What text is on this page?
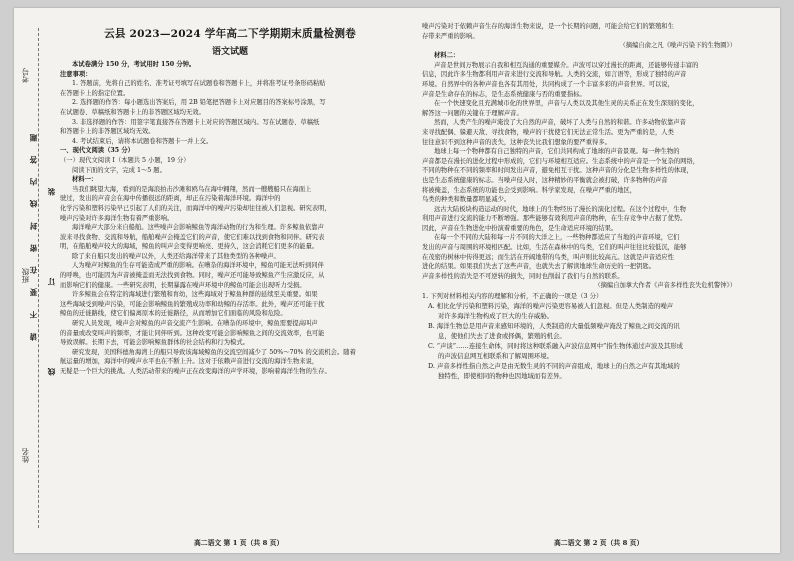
考号
班级
姓名
请 不 要 在 密 封 线 内 答 题 线 订 装
云县 2023—2024 学年高二下学期期末质量检测卷
语文试题
本试卷满分 150 分，考试用时 150 分钟。
注意事项：
1. 答题前，先将自己的姓名、准考证号填写在试题卷和答题卡上，并将准考证号条形码粘贴
在答题卡上的指定位置。
2. 选择题的作答：每小题选出答案后，用 2B 铅笔把答题卡上对应题目的答案标号涂黑，写
在试题卷、草稿纸和答题卡上的非答题区域均无效。
3. 非选择题的作答：用签字笔直接答在答题卡上对应的答题区域内。写在试题卷、草稿纸
和答题卡上的非答题区域均无效。
4. 考试结束后，请将本试题卷和答题卡一并上交。
一、现代文阅读（35 分）
（一）现代文阅读 Ⅰ（本题共 5 小题，19 分）
阅读下面的文字，完成 1～5 题。
材料一：
当我们眺望大海，看到的是海浪拍击沙滩和鸥鸟在海中翱翔，然而一艘艘船只在海面上
驶过，发出的声音会在海中传播很远的距离，却正在污染着海洋环境。海洋中的
化学污染和塑料污染早已引起了人们的关注，而海洋中的噪声污染却往往被人们忽视。研究表明，
噪声污染对许多海洋生物有着严重影响。
海洋噪声大部分来自船舶。这些噪声会影响鲸鱼等海洋动物的行为和生理。许多鲸鱼依靠声
波来寻找食物、交流和导航，船舶噪声会掩盖它们的声音，使它们难以找到食物和同伴。研究表
明，在船舶噪声较大的海域，鲸鱼的叫声会变得更响亮、更持久，这会消耗它们更多的能量。
除了来自船只发出的噪声以外，人类还给海洋带来了其他类型的各种噪声。
人为噪声对鲸鱼的生存可能造成严重的影响。在嘈杂的海洋环境中，鲸鱼可能无法听到同伴
的呼唤，也可能因为声音被掩盖而无法找到食物。同时，噪声还可能导致鲸鱼产生应激反应，从
而影响它们的健康。一些研究表明，长期暴露在噪声环境中的鲸鱼可能会出现听力受损。
许多鲸鱼会在特定的海域进行繁殖和育幼，这些海域对于鲸鱼种群的延续至关重要。如果
这些海域受到噪声污染，可能会影响鲸鱼的繁殖成功率和幼鲸的存活率。此外，噪声还可能干扰
鲸鱼的迁徙路线，使它们偏离原本的迁徙路径，从而增加它们面临的风险和危险。
研究人员发现，噪声会对鲸鱼的声音交流产生影响。在嘈杂的环境中，鲸鱼需要提高叫声
的音量或改变叫声的频率，才能让同伴听到。这种改变可能会影响鲸鱼之间的交流效率，也可能
导致误解。长期下去，可能会影响鲸鱼群体的社会结构和行为模式。
研究发现，美国科德角海湾上的船只导致该海域鲸鱼的交流空间减少了 50%～70% 的交流机会。随着
航运量的增加，海洋中的噪声水平也在不断上升。这对于依赖声音进行交流的海洋生物来说，
无疑是一个巨大的挑战。人类活动带来的噪声正在改变海洋的声学环境，影响着海洋生物的生存。
噪声污染对于依赖声音生存的海洋生物来说，是一个长期的问题，可能会给它们的繁殖和生
存带来严重的影响。
（摘编自俞之凡《噪声污染下的生物圈》）
材料二：
声音是世间万物展示自我和相互沟通的重要媒介。声波可以穿过漫长的距离，还能够传递丰富的
信息，因此许多生物都利用声音来进行交流和导航。人类的交流，如言语等，形成了独特的声音
环境。自然界中的各种声音也各有其用处，共同构成了一个丰富多彩的声音世界。可以说，
声音是生命存在的标志，是生态系统健康与否的重要指标。
在一个快速变化且充满城市化的世界里，声音与人类以及其他生灵的关系正在发生深刻的变化，
解答这一问题的关键在于理解声音。
然而，人类产生的噪声淹没了大自然的声音，破坏了人类与自然的和谐。许多动物依靠声音
来寻找配偶、躲避天敌、寻找食物，噪声的干扰使它们无法正常生活。更为严重的是，人类
往往意识不到这种声音的丧失，这种丧失比我们想象的要严重得多。
地球上每一个物种都有自己独特的声音，它们共同构成了地球的声音景观。每一种生物的
声音都是在漫长的进化过程中形成的，它们与环境相互适应。生态系统中的声音是一个复杂的网络，
不同的物种在不同的频率和时间发出声音，避免相互干扰。这种声音的分化是生物多样性的体现，
也是生态系统健康的标志。当噪声侵入时，这种精妙的平衡就会被打破，许多物种的声音
将被掩盖，生态系统的功能也会受到影响。科学家发现，在噪声严重的地区，
鸟类的种类和数量都明显减少。
远古大陆板块构造运动的时代，地球上的生物经历了漫长的演化过程。在这个过程中，生物
利用声音进行交流的能力不断增强。那些能够有效利用声音的物种，在生存竞争中占据了优势。
因此，声音在生物进化中扮演着重要的角色，是生命适应环境的结果。
在每一个不同的大陆和每一片不同的大洋之上，一些物种都适应了当地的声音环境，它们
发出的声音与周围的环境相匹配。比如，生活在森林中的鸟类，它们的叫声往往比较低沉，能够
在茂密的树林中传得更远；而生活在开阔地带的鸟类，叫声则比较高亢。这就是声音适应性
进化的结果。如果我们失去了这些声音，也就失去了解读地球生命历史的一把钥匙。
声音多样性的消失是不可逆转的损失，同时也削弱了我们与自然的联系。
（摘编自加拿大作者《声音多样性丧失危机警钟》）
1. 下列对材料相关内容的理解和分析，不正确的一项是（3 分）
A. 相比化学污染和塑料污染，海洋的噪声污染更容易被人们忽视。但是人类制造的噪声
对许多海洋生物构成了巨大的生存威胁。
B. 海洋生物总是用声音来感知环境的，人类制造的大量低频噪声淹没了鲸鱼之间交流的讯
息，使他们失去了进食或择偶，繁殖的机会。
C. “声谈”……连接生命体，同时将这种联系融入声波信息网中”指生物体通过声波及其形成
的声波信息网互相联系和了解周围环境。
D. 声音多样性指自然之声是由无数生灵的不同的声音组成，地球上的自然之声有其地域的
独特性，即使相同的物种也因地域而有差异。
高二语文 第 1 页（共 8 页）	高二语文 第 2 页（共 8 页）
